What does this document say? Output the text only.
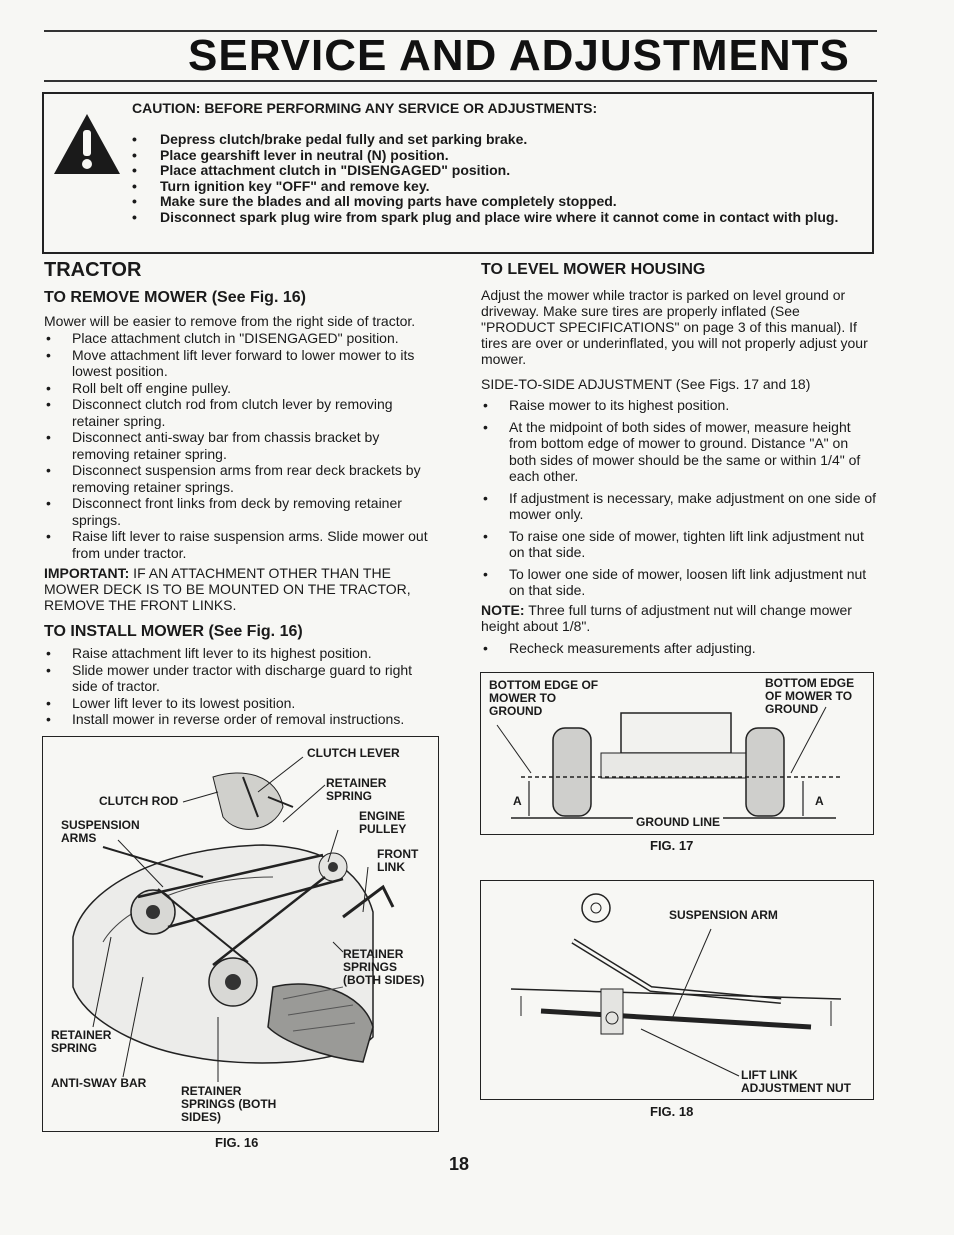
SERVICE AND ADJUSTMENTS
CAUTION: BEFORE PERFORMING ANY SERVICE OR ADJUSTMENTS:
• Depress clutch/brake pedal fully and set parking brake.
• Place gearshift lever in neutral (N) position.
• Place attachment clutch in "DISENGAGED" position.
• Turn ignition key "OFF" and remove key.
• Make sure the blades and all moving parts have completely stopped.
• Disconnect spark plug wire from spark plug and place wire where it cannot come in contact with plug.
TRACTOR
TO REMOVE MOWER (See Fig. 16)
Mower will be easier to remove from the right side of tractor.
• Place attachment clutch in "DISENGAGED" position.
• Move attachment lift lever forward to lower mower to its lowest position.
• Roll belt off engine pulley.
• Disconnect clutch rod from clutch lever by removing retainer spring.
• Disconnect anti-sway bar from chassis bracket by removing retainer spring.
• Disconnect suspension arms from rear deck brackets by removing retainer springs.
• Disconnect front links from deck by removing retainer springs.
• Raise lift lever to raise suspension arms. Slide mower out from under tractor.
IMPORTANT: IF AN ATTACHMENT OTHER THAN THE MOWER DECK IS TO BE MOUNTED ON THE TRACTOR, REMOVE THE FRONT LINKS.
TO INSTALL MOWER (See Fig. 16)
• Raise attachment lift lever to its highest position.
• Slide mower under tractor with discharge guard to right side of tractor.
• Lower lift lever to its lowest position.
• Install mower in reverse order of removal instructions.
CLUTCH LEVER
CLUTCH ROD
RETAINER SPRING
SUSPENSION ARMS
ENGINE PULLEY
FRONT LINK
RETAINER SPRINGS (BOTH SIDES)
RETAINER SPRING
ANTI-SWAY BAR
RETAINER SPRINGS (BOTH SIDES)
FIG. 16
TO LEVEL MOWER HOUSING
Adjust the mower while tractor is parked on level ground or driveway. Make sure tires are properly inflated (See "PRODUCT SPECIFICATIONS" on page 3 of this manual). If tires are over or underinflated, you will not properly adjust your mower.
SIDE-TO-SIDE ADJUSTMENT (See Figs. 17 and 18)
• Raise mower to its highest position.
• At the midpoint of both sides of mower, measure height from bottom edge of mower to ground. Distance "A" on both sides of mower should be the same or within 1/4" of each other.
• If adjustment is necessary, make adjustment on one side of mower only.
• To raise one side of mower, tighten lift link adjustment nut on that side.
• To lower one side of mower, loosen lift link adjustment nut on that side.
NOTE: Three full turns of adjustment nut will change mower height about 1/8".
• Recheck measurements after adjusting.
BOTTOM EDGE OF MOWER TO GROUND
BOTTOM EDGE OF MOWER TO GROUND
A	A
GROUND LINE
FIG. 17
SUSPENSION ARM
LIFT LINK ADJUSTMENT NUT
FIG. 18
18
